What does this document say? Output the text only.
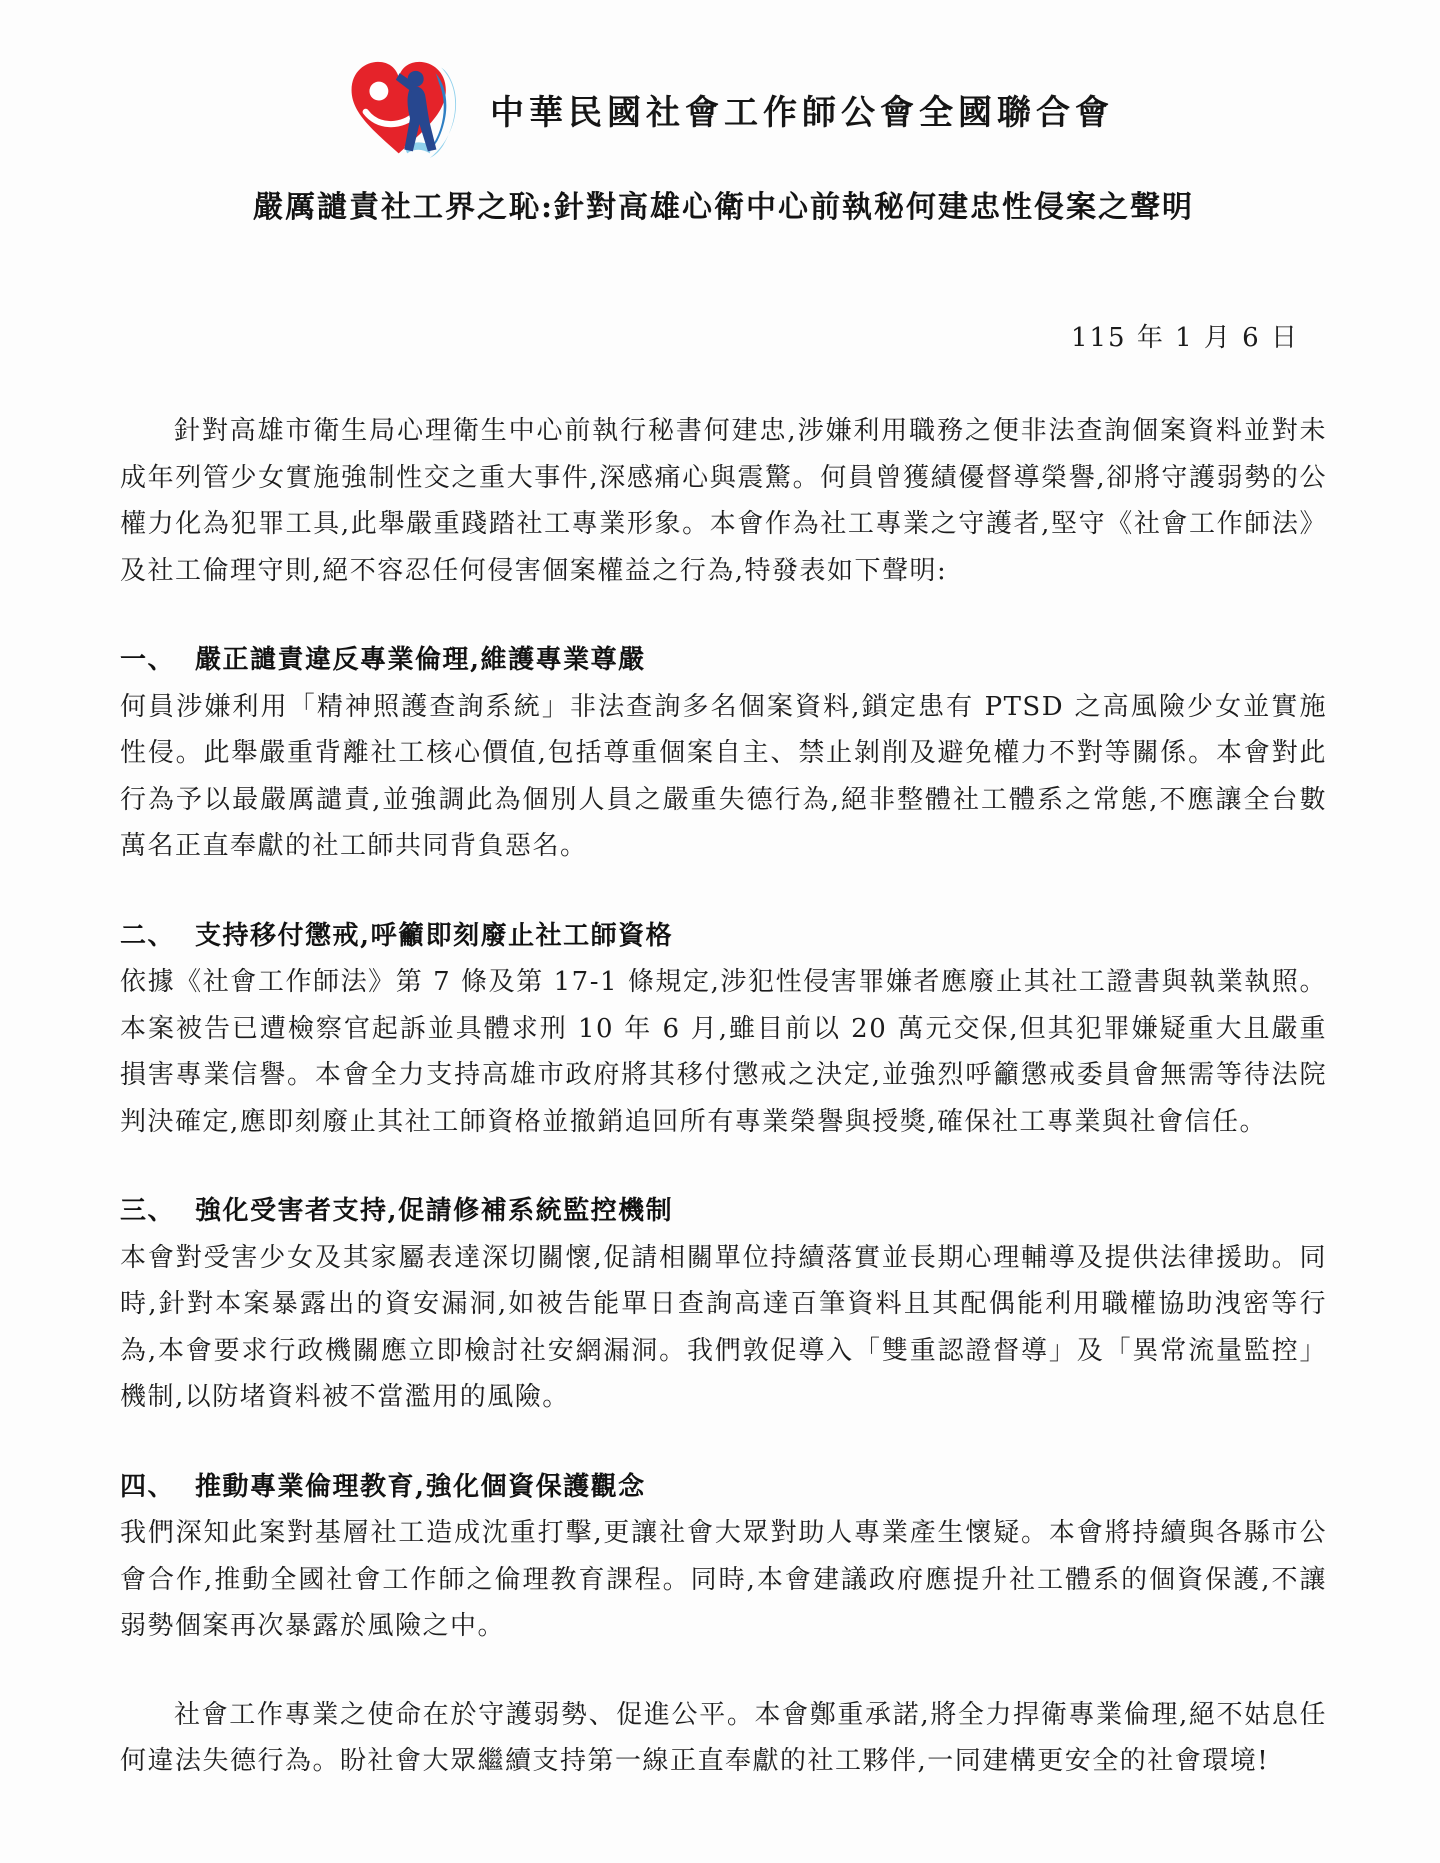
中華民國社會工作師公會全國聯合會
嚴厲譴責社工界之恥:針對高雄心衛中心前執秘何建忠性侵案之聲明
115 年 1 月 6 日

針對高雄市衛生局心理衛生中心前執行秘書何建忠,涉嫌利用職務之便非法查詢個案資料並對未成年列管少女實施強制性交之重大事件,深感痛心與震驚。何員曾獲績優督導榮譽,卻將守護弱勢的公權力化為犯罪工具,此舉嚴重踐踏社工專業形象。本會作為社工專業之守護者,堅守《社會工作師法》及社工倫理守則,絕不容忍任何侵害個案權益之行為,特發表如下聲明:

一、 嚴正譴責違反專業倫理,維護專業尊嚴

何員涉嫌利用「精神照護查詢系統」非法查詢多名個案資料,鎖定患有 PTSD 之高風險少女並實施性侵。此舉嚴重背離社工核心價值,包括尊重個案自主、禁止剝削及避免權力不對等關係。本會對此行為予以最嚴厲譴責,並強調此為個別人員之嚴重失德行為,絕非整體社工體系之常態,不應讓全台數萬名正直奉獻的社工師共同背負惡名。

二、 支持移付懲戒,呼籲即刻廢止社工師資格

依據《社會工作師法》第 7 條及第 17-1 條規定,涉犯性侵害罪嫌者應廢止其社工證書與執業執照。本案被告已遭檢察官起訴並具體求刑 10 年 6 月,雖目前以 20 萬元交保,但其犯罪嫌疑重大且嚴重損害專業信譽。本會全力支持高雄市政府將其移付懲戒之決定,並強烈呼籲懲戒委員會無需等待法院判決確定,應即刻廢止其社工師資格並撤銷追回所有專業榮譽與授獎,確保社工專業與社會信任。

三、 強化受害者支持,促請修補系統監控機制

本會對受害少女及其家屬表達深切關懷,促請相關單位持續落實並長期心理輔導及提供法律援助。同時,針對本案暴露出的資安漏洞,如被告能單日查詢高達百筆資料且其配偶能利用職權協助洩密等行為,本會要求行政機關應立即檢討社安網漏洞。我們敦促導入「雙重認證督導」及「異常流量監控」機制,以防堵資料被不當濫用的風險。

四、 推動專業倫理教育,強化個資保護觀念

我們深知此案對基層社工造成沈重打擊,更讓社會大眾對助人專業產生懷疑。本會將持續與各縣市公會合作,推動全國社會工作師之倫理教育課程。同時,本會建議政府應提升社工體系的個資保護,不讓弱勢個案再次暴露於風險之中。

社會工作專業之使命在於守護弱勢、促進公平。本會鄭重承諾,將全力捍衛專業倫理,絕不姑息任何違法失德行為。盼社會大眾繼續支持第一線正直奉獻的社工夥伴,一同建構更安全的社會環境!
